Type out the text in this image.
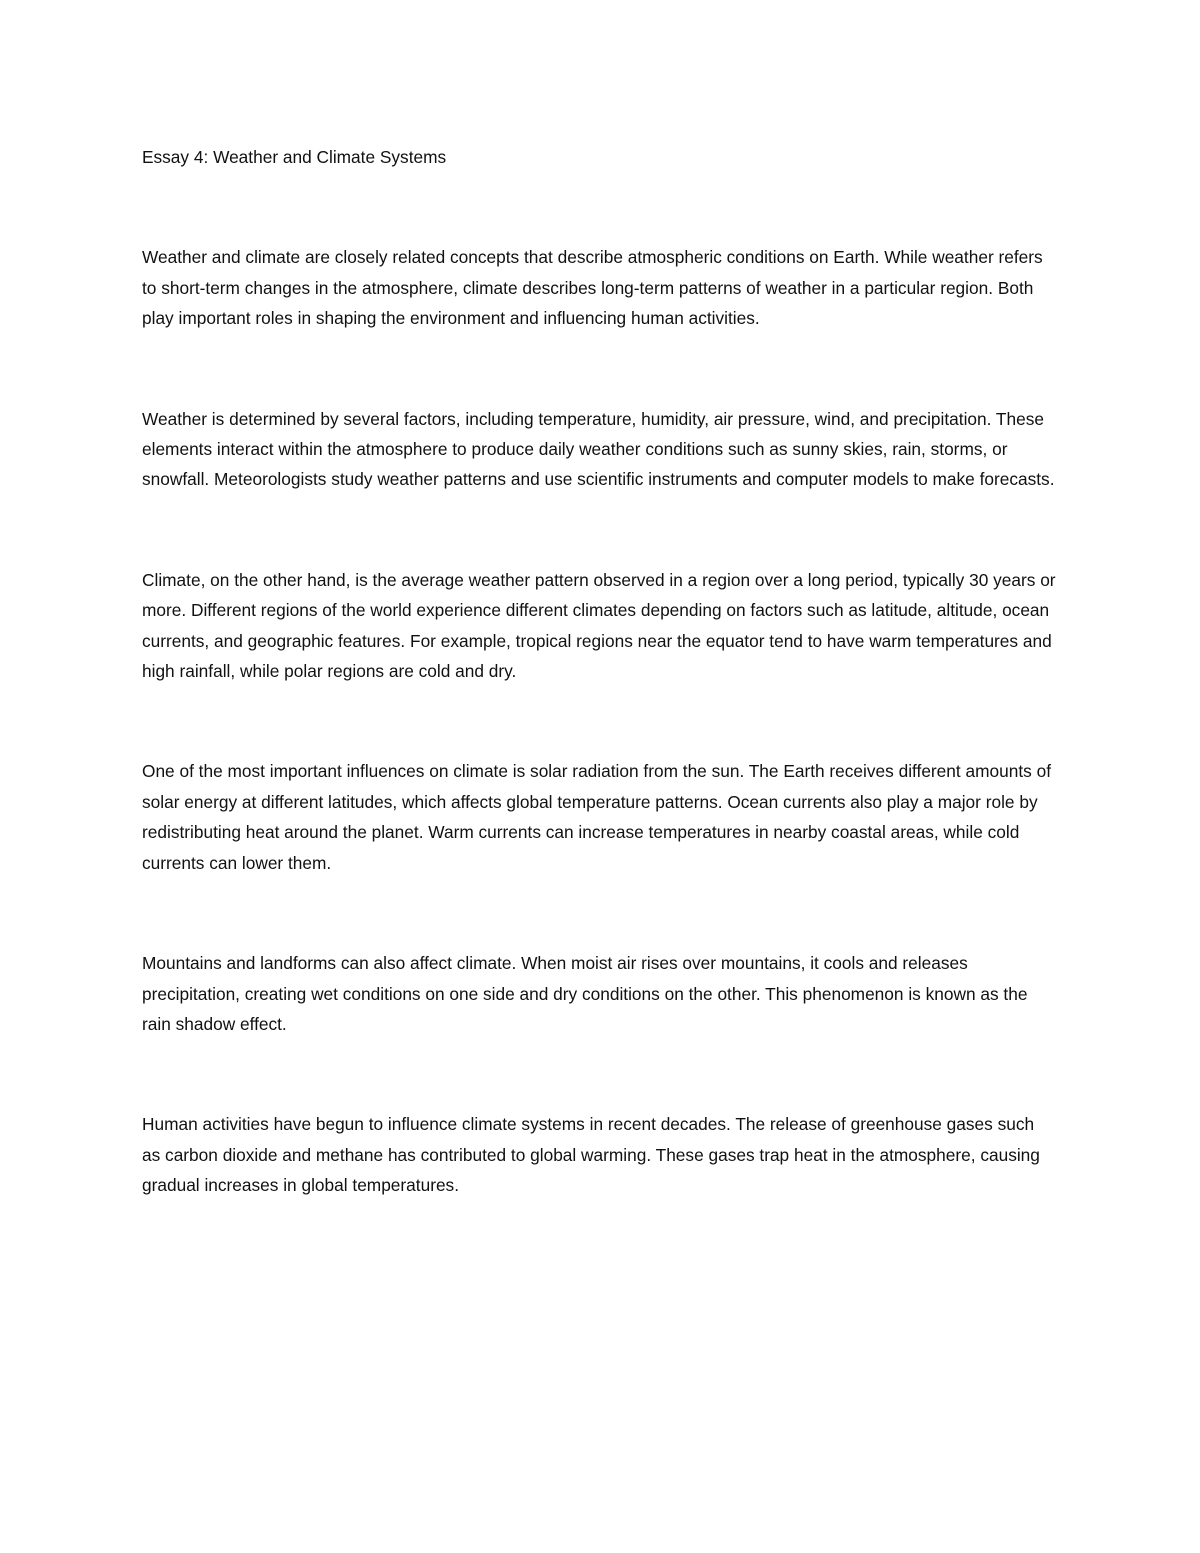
Essay 4: Weather and Climate Systems

Weather and climate are closely related concepts that describe atmospheric conditions on Earth. While weather refers to short-term changes in the atmosphere, climate describes long-term patterns of weather in a particular region. Both play important roles in shaping the environment and influencing human activities.

Weather is determined by several factors, including temperature, humidity, air pressure, wind, and precipitation. These elements interact within the atmosphere to produce daily weather conditions such as sunny skies, rain, storms, or snowfall. Meteorologists study weather patterns and use scientific instruments and computer models to make forecasts.

Climate, on the other hand, is the average weather pattern observed in a region over a long period, typically 30 years or more. Different regions of the world experience different climates depending on factors such as latitude, altitude, ocean currents, and geographic features. For example, tropical regions near the equator tend to have warm temperatures and high rainfall, while polar regions are cold and dry.

One of the most important influences on climate is solar radiation from the sun. The Earth receives different amounts of solar energy at different latitudes, which affects global temperature patterns. Ocean currents also play a major role by redistributing heat around the planet. Warm currents can increase temperatures in nearby coastal areas, while cold currents can lower them.

Mountains and landforms can also affect climate. When moist air rises over mountains, it cools and releases precipitation, creating wet conditions on one side and dry conditions on the other. This phenomenon is known as the rain shadow effect.

Human activities have begun to influence climate systems in recent decades. The release of greenhouse gases such as carbon dioxide and methane has contributed to global warming. These gases trap heat in the atmosphere, causing gradual increases in global temperatures.
